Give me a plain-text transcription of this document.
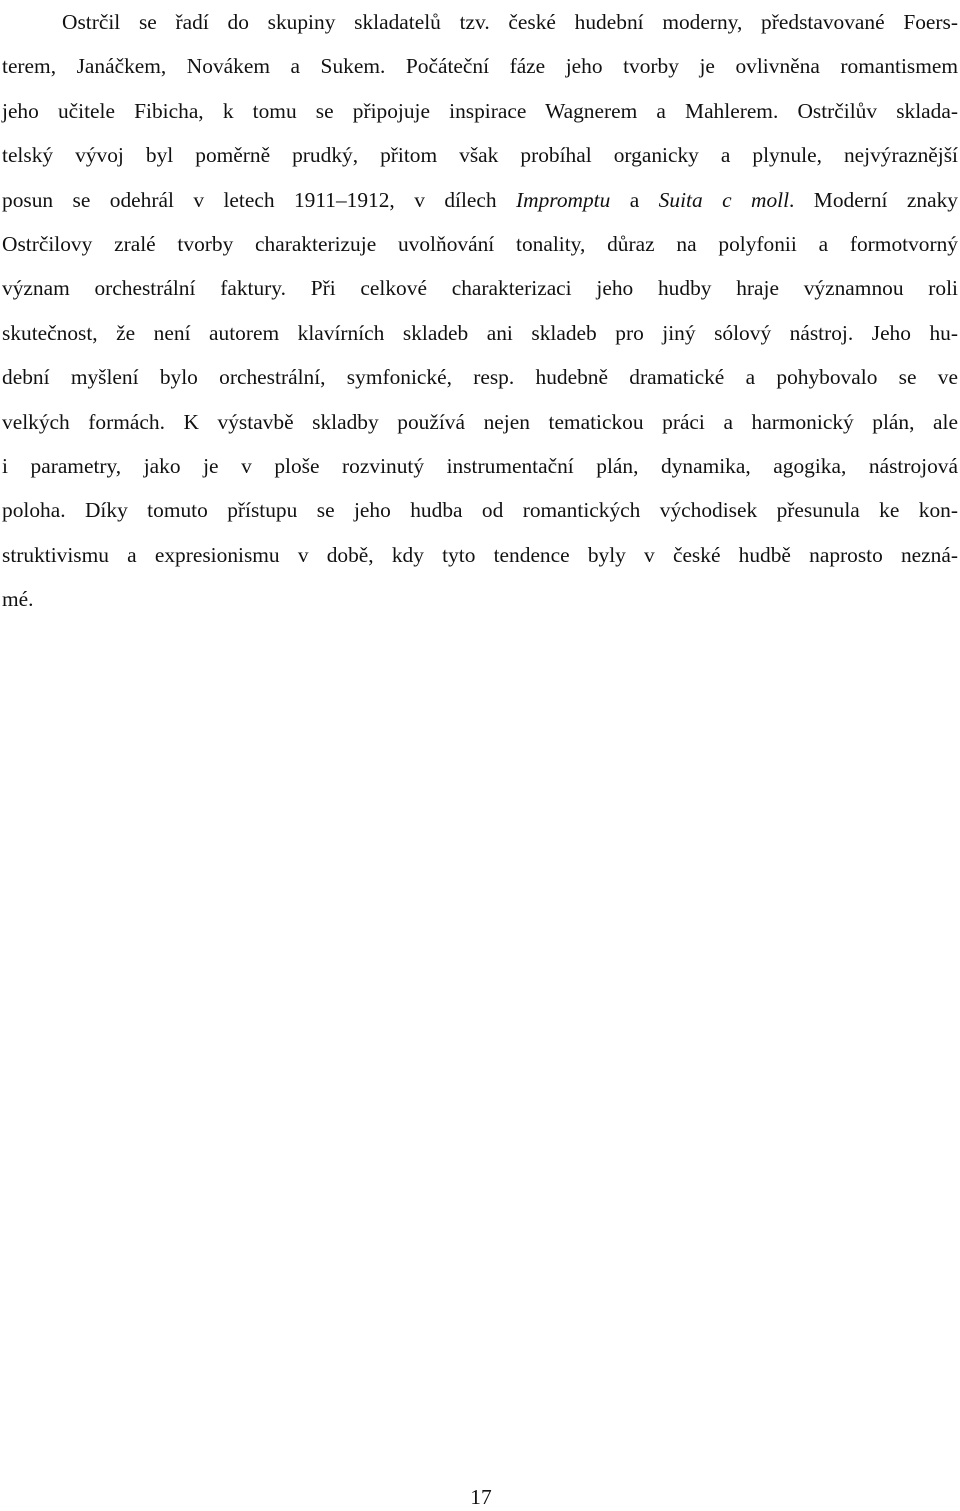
Ostrčil se řadí do skupiny skladatelů tzv. české hudební moderny, představované Foers-
terem, Janáčkem, Novákem a Sukem. Počáteční fáze jeho tvorby je ovlivněna romantismem
jeho učitele Fibicha, k tomu se připojuje inspirace Wagnerem a Mahlerem. Ostrčilův sklada-
telský vývoj byl poměrně prudký, přitom však probíhal organicky a plynule, nejvýraznější
posun se odehrál v letech 1911–1912, v dílech Impromptu a Suita c moll. Moderní znaky
Ostrčilovy zralé tvorby charakterizuje uvolňování tonality, důraz na polyfonii a formotvorný
význam orchestrální faktury. Při celkové charakterizaci jeho hudby hraje významnou roli
skutečnost, že není autorem klavírních skladeb ani skladeb pro jiný sólový nástroj. Jeho hu-
dební myšlení bylo orchestrální, symfonické, resp. hudebně dramatické a pohybovalo se ve
velkých formách. K výstavbě skladby používá nejen tematickou práci a harmonický plán, ale
i parametry, jako je v ploše rozvinutý instrumentační plán, dynamika, agogika, nástrojová
poloha. Díky tomuto přístupu se jeho hudba od romantických východisek přesunula ke kon-
struktivismu a expresionismu v době, kdy tyto tendence byly v české hudbě naprosto nezná-
mé.
17
